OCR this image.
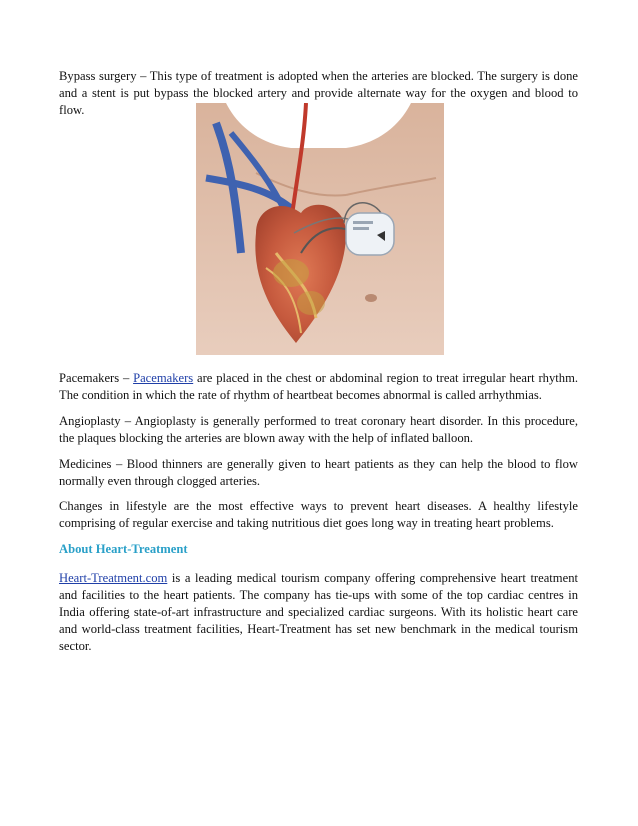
Bypass surgery – This type of treatment is adopted when the arteries are blocked. The surgery is done and a stent is put bypass the blocked artery and provide alternate way for the oxygen and blood to flow.

Pacemakers – Pacemakers are placed in the chest or abdominal region to treat irregular heart rhythm. The condition in which the rate of rhythm of heartbeat becomes abnormal is called arrhythmias.

Angioplasty – Angioplasty is generally performed to treat coronary heart disorder. In this procedure, the plaques blocking the arteries are blown away with the help of inflated balloon.

Medicines – Blood thinners are generally given to heart patients as they can help the blood to flow normally even through clogged arteries.

Changes in lifestyle are the most effective ways to prevent heart diseases. A healthy lifestyle comprising of regular exercise and taking nutritious diet goes long way in treating heart problems.

About Heart-Treatment

Heart-Treatment.com is a leading medical tourism company offering comprehensive heart treatment and facilities to the heart patients. The company has tie-ups with some of the top cardiac centres in India offering state-of-art infrastructure and specialized cardiac surgeons. With its holistic heart care and world-class treatment facilities, Heart-Treatment has set new benchmark in the medical tourism sector.
